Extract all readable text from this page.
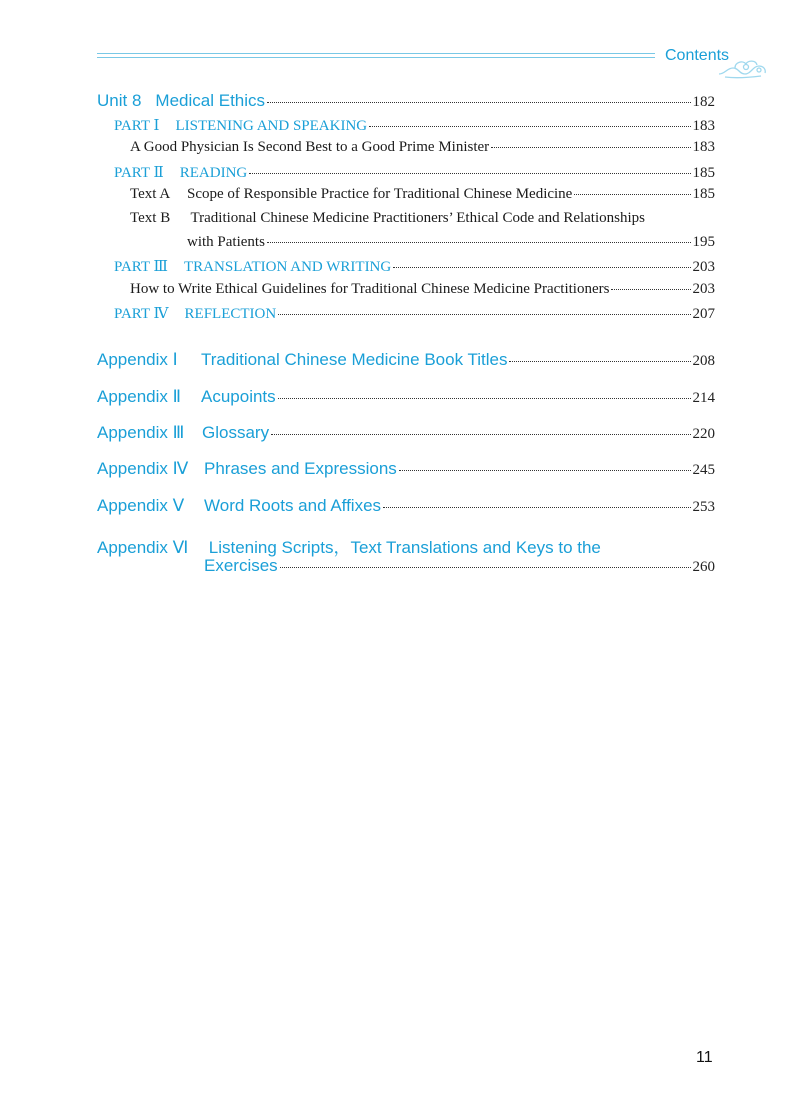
Contents
Unit 8 Medical Ethics	182
PART Ⅰ LISTENING AND SPEAKING	183
A Good Physician Is Second Best to a Good Prime Minister	183
PART Ⅱ READING	185
Text A	Scope of Responsible Practice for Traditional Chinese Medicine	185
Text B Traditional Chinese Medicine Practitioners’ Ethical Code and Relationships
with Patients	195
PART Ⅲ TRANSLATION AND WRITING	203
How to Write Ethical Guidelines for Traditional Chinese Medicine Practitioners	203
PART Ⅳ REFLECTION	207
Appendix Ⅰ	Traditional Chinese Medicine Book Titles	208
Appendix Ⅱ	Acupoints	214
Appendix Ⅲ	Glossary	220
Appendix Ⅳ Phrases and Expressions	245
Appendix Ⅴ	Word Roots and Affixes	253
Appendix Ⅵ Listening Scripts，Text Translations and Keys to the
Exercises	260
11
